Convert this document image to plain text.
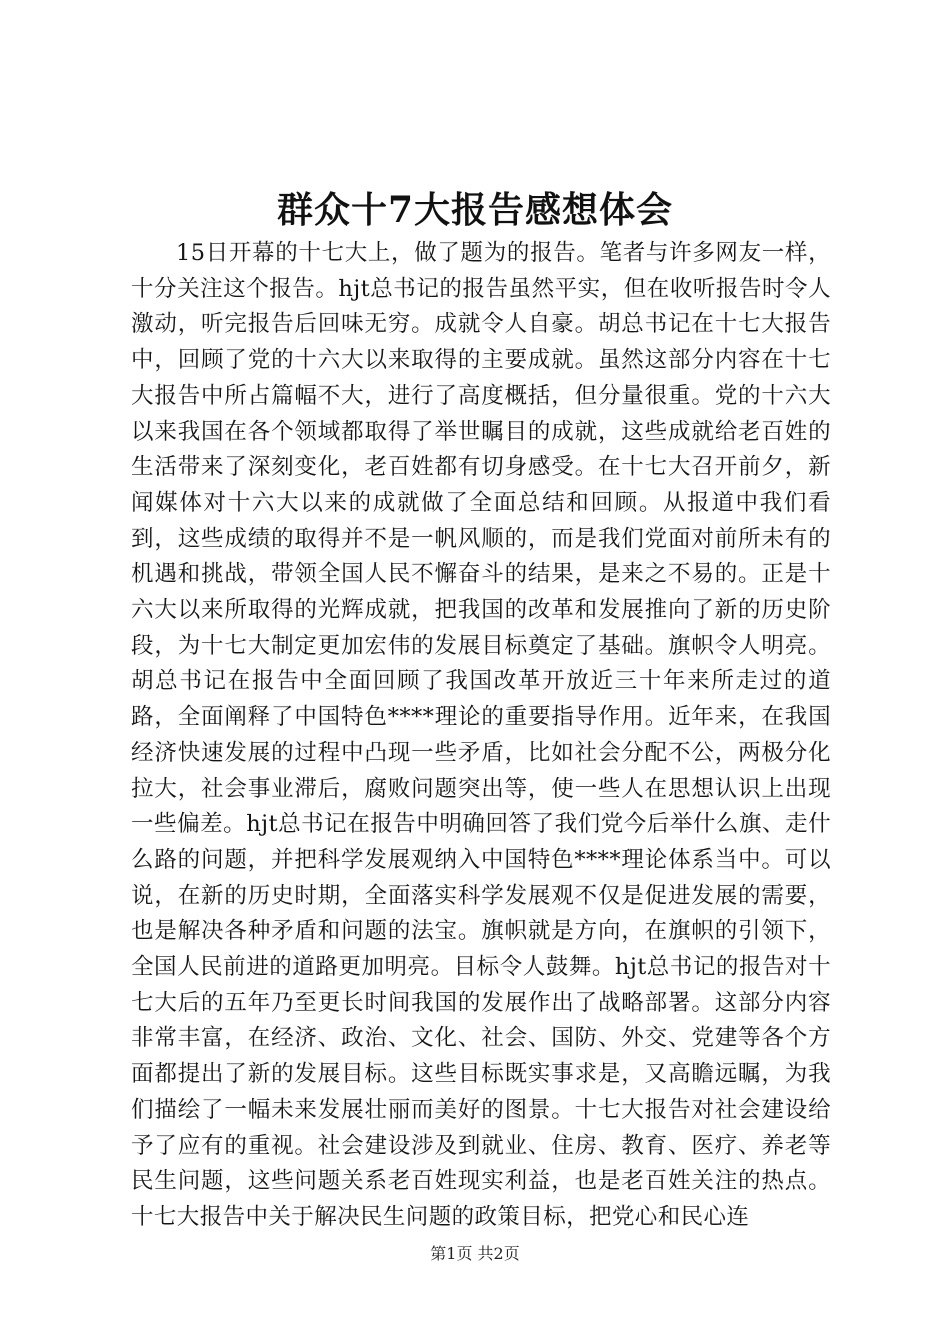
群众十7大报告感想体会

15日开幕的十七大上，做了题为的报告。笔者与许多网友一样，十分关注这个报告。hjt总书记的报告虽然平实，但在收听报告时令人激动，听完报告后回味无穷。成就令人自豪。胡总书记在十七大报告中，回顾了党的十六大以来取得的主要成就。虽然这部分内容在十七大报告中所占篇幅不大，进行了高度概括，但分量很重。党的十六大以来我国在各个领域都取得了举世瞩目的成就，这些成就给老百姓的生活带来了深刻变化，老百姓都有切身感受。在十七大召开前夕，新闻媒体对十六大以来的成就做了全面总结和回顾。从报道中我们看到，这些成绩的取得并不是一帆风顺的，而是我们党面对前所未有的机遇和挑战，带领全国人民不懈奋斗的结果，是来之不易的。正是十六大以来所取得的光辉成就，把我国的改革和发展推向了新的历史阶段，为十七大制定更加宏伟的发展目标奠定了基础。旗帜令人明亮。胡总书记在报告中全面回顾了我国改革开放近三十年来所走过的道路，全面阐释了中国特色****理论的重要指导作用。近年来，在我国经济快速发展的过程中凸现一些矛盾，比如社会分配不公，两极分化拉大，社会事业滞后，腐败问题突出等，使一些人在思想认识上出现一些偏差。hjt总书记在报告中明确回答了我们党今后举什么旗、走什么路的问题，并把科学发展观纳入中国特色****理论体系当中。可以说，在新的历史时期，全面落实科学发展观不仅是促进发展的需要，也是解决各种矛盾和问题的法宝。旗帜就是方向，在旗帜的引领下，全国人民前进的道路更加明亮。目标令人鼓舞。hjt总书记的报告对十七大后的五年乃至更长时间我国的发展作出了战略部署。这部分内容非常丰富，在经济、政治、文化、社会、国防、外交、党建等各个方面都提出了新的发展目标。这些目标既实事求是，又高瞻远瞩，为我们描绘了一幅未来发展壮丽而美好的图景。十七大报告对社会建设给予了应有的重视。社会建设涉及到就业、住房、教育、医疗、养老等民生问题，这些问题关系老百姓现实利益，也是老百姓关注的热点。十七大报告中关于解决民生问题的政策目标，把党心和民心连

第1页 共2页
